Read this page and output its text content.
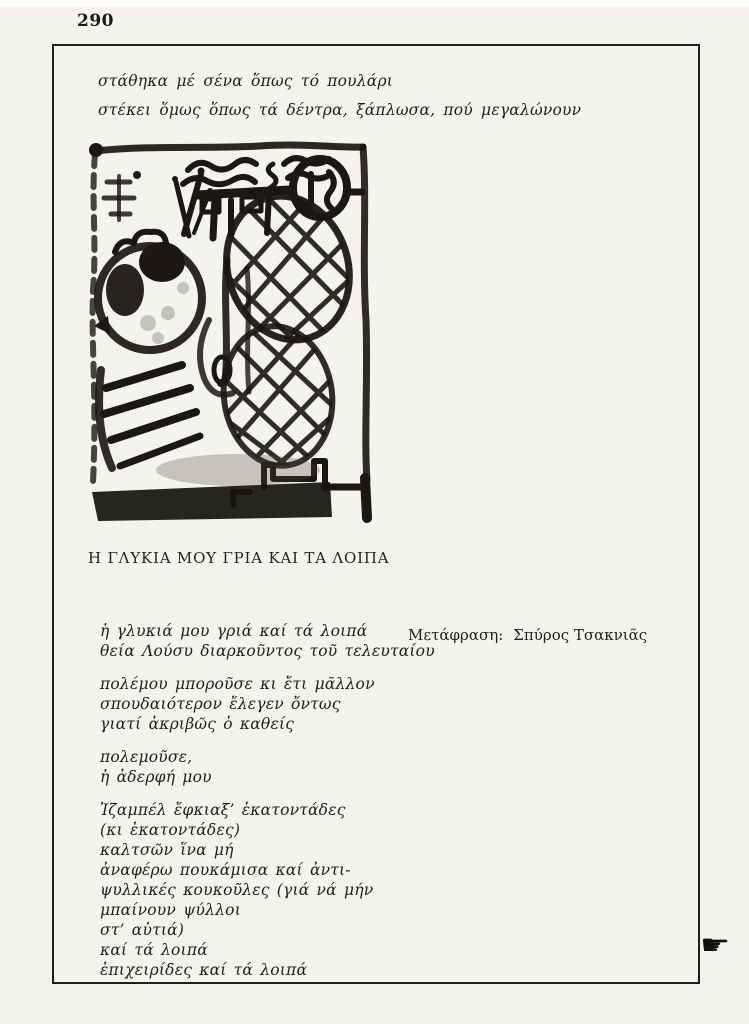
290
στάθηκα μέ σένα ὅπως τό πουλάρι
στέκει ὅμως ὅπως τά δέντρα, ξάπλωσα, πού μεγαλώνουν
Η ΓΛΥΚΙΑ ΜΟΥ ΓΡΙΑ ΚΑΙ ΤΑ ΛΟΙΠΑ
Μετάφραση: Σπύρος Τσακνιᾶς
ἡ γλυκιά μου γριά καί τά λοιπά
θεία Λούσυ διαρκοῦντος τοῦ τελευταίου
πολέμου μποροῦσε κι ἔτι μᾶλλον
σπουδαιότερον ἔλεγεν ὄντως
γιατί ἀκριβῶς ὁ καθείς
πολεμοῦσε,
ἡ ἀδερφή μου
Ἰζαμπέλ ἔφκιαξ’ ἑκατοντάδες
(κι ἑκατοντάδες)
καλτσῶν ἵνα μή
ἀναφέρω πουκάμισα καί ἀντι-
ψυλλικές κουκοῦλες (γιά νά μήν
μπαίνουν ψύλλοι
στ’ αὐτιά)
καί τά λοιπά
ἐπιχειρίδες καί τά λοιπά
☛
